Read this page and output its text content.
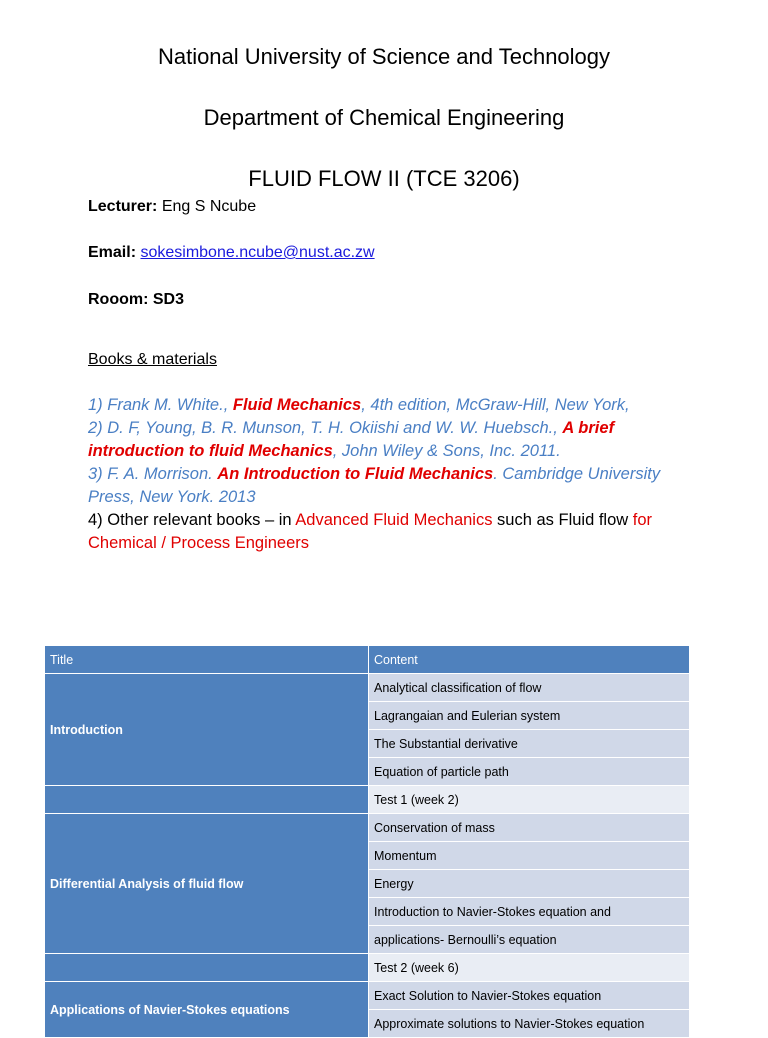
National University of Science and Technology
Department of Chemical Engineering
FLUID FLOW II (TCE 3206)
Lecturer: Eng S Ncube
Email: sokesimbone.ncube@nust.ac.zw
Rooom: SD3
Books & materials
1) Frank M. White., Fluid Mechanics, 4th edition, McGraw-Hill, New York,
2) D. F, Young, B. R. Munson, T. H. Okiishi and W. W. Huebsch., A brief introduction to fluid Mechanics, John Wiley & Sons, Inc. 2011.
3) F. A. Morrison. An Introduction to Fluid Mechanics. Cambridge University Press, New York. 2013
4) Other relevant books – in Advanced Fluid Mechanics such as Fluid flow for Chemical / Process Engineers
Title	Content
Introduction	Analytical classification of flow
	Lagrangaian and Eulerian system
	The Substantial derivative
	Equation of particle path
	Test 1 (week 2)
Differential Analysis of fluid flow	Conservation of mass
	Momentum
	Energy
	Introduction to Navier-Stokes equation and
	applications- Bernoulli’s equation
	Test 2 (week 6)
Applications of Navier-Stokes equations	Exact Solution to Navier-Stokes equation
	Approximate solutions to Navier-Stokes equation
